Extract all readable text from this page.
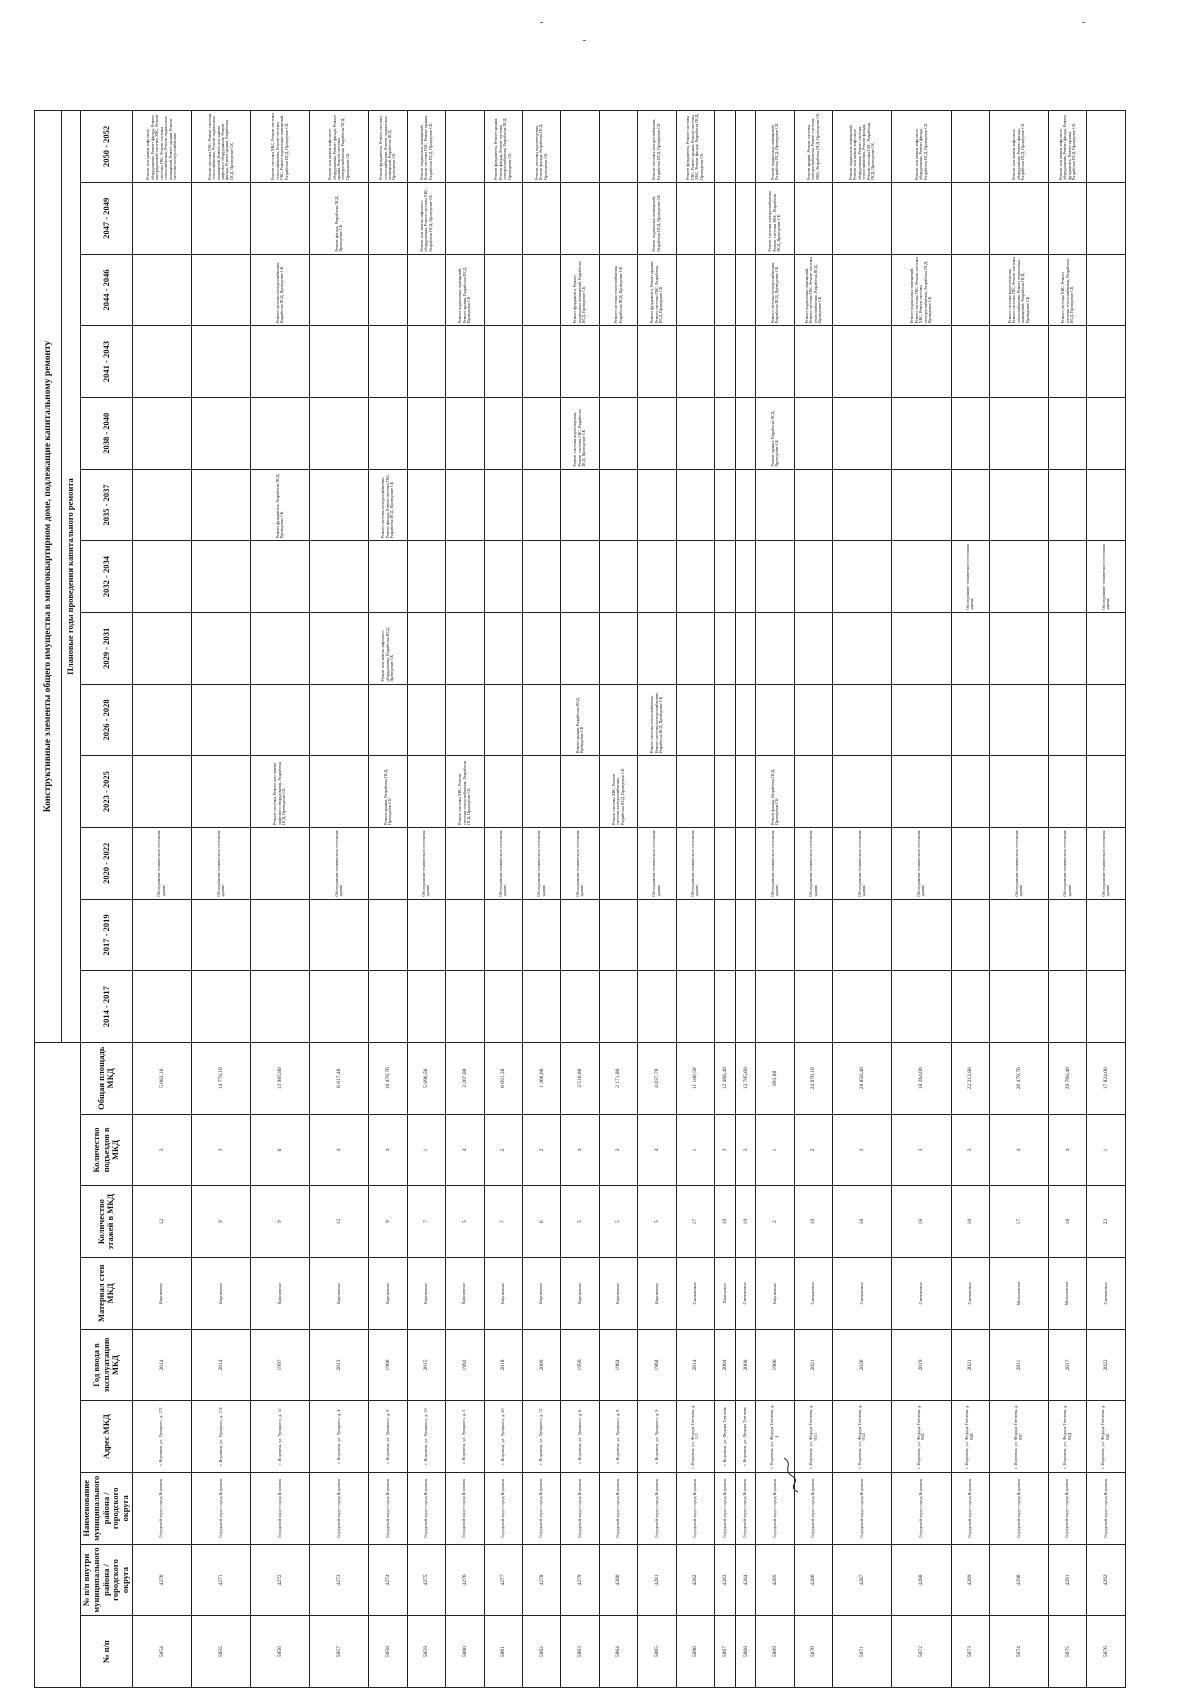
									Конструктивные элементы общего имущества в многоквартирном доме, подлежащие капитальному ремонту												
									Плановые годы проведения капитального ремонта												
№ п/п	№ п/п внутри муниципального района / городского округа	Наименование муниципального района / городского округа	Адрес МКД	Год ввода в эксплуатацию МКД	Материал стен МКД	Количество этажей в МКД	Количество подъездов в МКД	Общая площадь МКД	2014 - 2017	2017 - 2019	2020 - 2022	2023 - 2025	2026 - 2028	2029 - 2031	2032 - 2034	2035 - 2037	2038 - 2040	2041 - 2043	2044 - 2046	2047 - 2049	2050 - 2052
5054	4270	Городской округ город Воронеж	г. Воронеж, ул. Урицкого, д. 172	2014	Кирпичные	12	3	5 083,10			Обследование технического состояния здания										Ремонт или замена лифтового оборудования, Ремонт фасада, Ремонт внутридомовой системы ХВС, Ремонт системы ГВС, Ремонт системы теплоснабжения, Ремонт подвальных помещений, Ремонт крыши, Ремонт системы электроснабжения
5055	4271	Городской округ город Воронеж	г. Воронеж, ул. Урицкого, д. 174	2014	Кирпичные	9	3	14 778,10			Обследование технического состояния здания										Ремонт системы ГВС, Ремонт системы теплоснабжения, Ремонт подвальных помещений, Ремонт или замена лифтового оборудования, Ремонт фасада, Ремонт крыши, Разработка ПСД, Проведение СК
5056	4272	Городской округ город Воронеж	г. Воронеж, ул. Урицкого, д. 15	1997	Кирпичные	9	6	13 985,80				Ремонт системы, Ремонт или замена лифтового оборудования, Разработка ПСД, Проведение СК				Ремонт фундамента, Разработка ПСД, Проведение СК			Ремонт системы электроснабжения, Разработка ПСД, Проведение СК		Ремонт системы ХВС, Ремонт системы теплоснабжения, Ремонт системы ГВС, Ремонт подвальных помещений, Разработка ПСД, Проведение СК
5057	4273	Городской округ город Воронеж	г. Воронеж, ул. Урицкого, д. 4	2013	Кирпичные	12	4	6 817,40			Обследование технического состояния здания									Ремонт фасада, Разработка ПСД, Проведение СК	Ремонт или замена лифтового оборудования, Ремонт фасада, Ремонт крыши, Ремонт системы электроснабжения, Разработка ПСД, Проведение СК
5058	4274	Городской округ город Воронеж	г. Воронеж, ул. Урицкого, д. 9	1960	Кирпичные	9	4	10 478,76				Ремонт крыши, Разработка ПСД, Проведение СК		Ремонт или замена лифтового оборудования, Разработка ПСД, Проведение СК		Ремонт системы электроснабжения, Ремонт фасада, Ремонт системы ГВС, Разработка ПСД, Проведение СК					Ремонт фундамента, Ремонт системы теплоснабжения, Ремонт подвальных помещений, Разработка ПСД, Проведение СК
5059	4275	Городской округ город Воронеж	г. Воронеж, ул. Урицкого, д. 19	2015	Кирпичные	7	1	5 896,50			Обследование технического состояния здания									Ремонт или замена лифтового оборудования, Ремонт системы ХВС, Разработка ПСД, Проведение СК	Ремонт подвальных помещений, Ремонт системы ГВС, Ремонт крыши, Разработка ПСД, Проведение СК
5060	4276	Городской округ город Воронеж	г. Воронеж, ул. Урицкого, д. 5	1992	Кирпичные	5	4	3 207,00				Ремонт системы ХВС, Ремонт системы теплоснабжения, Разработка ПСД, Проведение СК							Ремонт подвальных помещений, Ремонт крыши, Разработка ПСД, Проведение СК		
5061	4277	Городской округ город Воронеж	г. Воронеж, ул. Урицкого, д. 20	2018	Кирпичные	7	2	6 691,38			Обследование технического состояния здания										Ремонт фундамента, Ремонт крыши, Ремонт фасада, Ремонт системы электроснабжения, Разработка ПСД, Проведение СК
5062	4278	Городской округ город Воронеж	г. Воронеж, ул. Урицкого, д. 12	2009	Кирпичные	6	2	1 360,60			Обследование технического состояния здания										Ремонт системы водоотведения, Ремонт фасада, Разработка ПСД, Проведение СК
5063	4279	Городской округ город Воронеж	г. Воронеж, ул. Урицкого, д. 6	1956	Кирпичные	5	4	3 516,80			Обследование технического состояния здания		Ремонт крыши, Разработка ПСД, Проведение СК				Ремонт системы водоотведения, Ремонт системы ГВС, Разработка ПСД, Проведение СК		Ремонт фундамента, Ремонт подвальных помещений, Разработка ПСД, Проведение СК		
5064	4280	Городской округ город Воронеж	г. Воронеж, ул. Урицкого, д. 8	1964	Кирпичные	5	2	2 171,80				Ремонт системы ХВС, Ремонт системы электроснабжения, Разработка ПСД, Проведение СК							Ремонт системы теплоснабжения, Разработка ПСД, Проведение СК		
5065	4281	Городской округ город Воронеж	г. Воронеж, ул. Урицкого, д. 9	1964	Кирпичные	5	4	4 037,70			Обследование технического состояния здания		Ремонт системы теплоснабжения, Ремонт системы электроснабжения, Разработка ПСД, Проведение СК						Ремонт фундамента, Ремонт крыши, Ремонт системы ГВС, Разработка ПСД, Проведение СК	Ремонт подвальных помещений, Разработка ПСД, Проведение СК	Ремонт системы электроснабжения, Разработка ПСД, Проведение СК
5066	4282	Городской округ город Воронеж	г. Воронеж, ул. Федора Тютчева, д. 113	2014	Смешанные	17	1	11 180,50			Обследование технического состояния здания										Ремонт фундамента, Ремонт системы ГВС, Ремонт крыши, Ремонт системы ХВС, Ремонт фасада, Разработка ПСД, Проведение СК
5067	4283	Городской округ город Воронеж	г. Воронеж, ул. Федора Тютчева	2004	Панельные	19	3	12 468,40													
5068	4284	Городской округ город Воронеж	г. Воронеж, ул. Федора Тютчева	2008	Смешанные	19	3	12 705,60													
5069	4285	Городской округ город Воронеж	г. Воронеж, ул. Федора Тютчева, д. 4	1966	Кирпичные	2	1	893,00			Обследование технического состояния здания	Ремонт фасада, Разработка ПСД, Проведение СК					Ремонт крыши, Разработка ПСД, Проведение СК		Ремонт системы электроснабжения, Разработка ПСД, Проведение СК	Ремонт системы электроснабжения, Ремонт системы ХВС, Разработка ПСД, Проведение СК	Ремонт подвальных помещений, Разработка ПСД, Проведение СК
5070	4286	Городской округ город Воронеж	г. Воронеж, ул. Федора Тютчева, д. 93/1	2021	Смешанные	19	2	24 070,10			Обследование технического состояния здания								Ремонт подвальных помещений, Ремонт системы ГВС, Ремонт системы теплоснабжения, Разработка ПСД, Проведение СК		Ремонт крыши, Ремонт системы электроснабжения, Ремонт системы ХВС, Разработка ПСД, Проведение СК
5071	4287	Городской округ город Воронеж	г. Воронеж, ул. Федора Тютчева, д. 93/2	2020	Смешанные	18	3	28 858,40			Обследование технического состояния здания										Ремонт подвальных помещений, Ремонт или замена лифтового оборудования, Ремонт системы теплоснабжения, Ремонт фасада, Ремонт системы ГВС, Разработка ПСД, Проведение СК
5072	4288	Городской округ город Воронеж	г. Воронеж, ул. Федора Тютчева, д. 95Б	2019	Смешанные	18	3	18 264,00			Обследование технического состояния здания								Ремонт подвальных помещений, Ремонт системы ГВС, Ремонт системы ХВС, Ремонт системы электроснабжения, Разработка ПСД, Проведение СК		Ремонт или замена лифтового оборудования, Ремонт фасада, Разработка ПСД, Проведение СК
5073	4289	Городской округ город Воронеж	г. Воронеж, ул. Федора Тютчева, д. 95В	2021	Смешанные	18	3	22 212,88							Обследование технического состояния здания						
5074	4290	Городской округ город Воронеж	г. Воронеж, ул. Федора Тютчева, д. 95Г	2011	Монолитные	17	4	26 479,70			Обследование технического состояния здания								Ремонт системы водоотведения, Ремонт системы ГВС, Ремонт системы теплоснабжения, Ремонт подвальных помещений, Разработка ПСД, Проведение СК		Ремонт или замена лифтового оборудования, Ремонт фасада, Разработка ПСД, Проведение СК
5075	4291	Городской округ город Воронеж	г. Воронеж, ул. Федора Тютчева, д. 95Д	2017	Монолитные	18	4	29 768,40			Обследование технического состояния здания								Ремонт системы ХВС, Ремонт системы теплоснабжения, Разработка ПСД, Проведение СК		Ремонт или замена лифтового оборудования, Ремонт фасада, Ремонт фундамента, Ремонт крыши, Разработка ПСД, Проведение СК
5076	4292	Городской округ город Воронеж	г. Воронеж, ул. Федора Тютчева, д. 95Е	2022	Смешанные	23	1	17 824,00			Обследование технического состояния здания				Обследование технического состояния здания						
